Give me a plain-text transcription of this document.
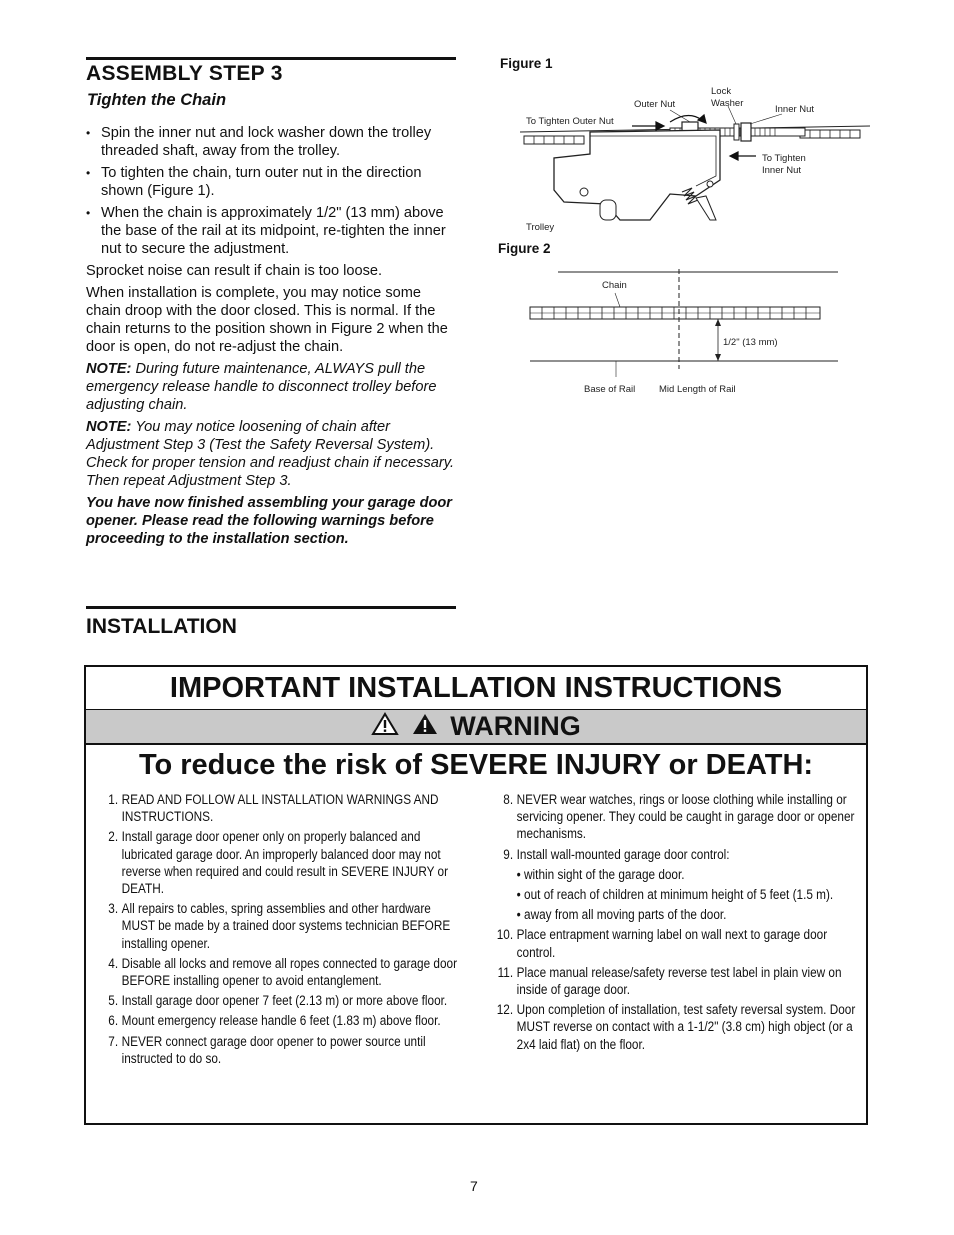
ASSEMBLY STEP 3
Tighten the Chain
• Spin the inner nut and lock washer down the trolley threaded shaft, away from the trolley.
• To tighten the chain, turn outer nut in the direction shown (Figure 1).
• When the chain is approximately 1/2" (13 mm) above the base of the rail at its midpoint, re-tighten the inner nut to secure the adjustment.

Sprocket noise can result if chain is too loose.

When installation is complete, you may notice some chain droop with the door closed. This is normal. If the chain returns to the position shown in Figure 2 when the door is open, do not re-adjust the chain.

NOTE: During future maintenance, ALWAYS pull the emergency release handle to disconnect trolley before adjusting chain.

NOTE: You may notice loosening of chain after Adjustment Step 3 (Test the Safety Reversal System). Check for proper tension and readjust chain if necessary. Then repeat Adjustment Step 3.

You have now finished assembling your garage door opener. Please read the following warnings before proceeding to the installation section.

Figure 1
Outer Nut
Lock
Washer
Inner Nut
To Tighten Outer Nut
To Tighten
Inner Nut
Trolley
Figure 2
Chain
1/2" (13 mm)
Base of Rail	Mid Length of Rail
INSTALLATION
IMPORTANT INSTALLATION INSTRUCTIONS
WARNING
To reduce the risk of SEVERE INJURY or DEATH:
1. READ AND FOLLOW ALL INSTALLATION WARNINGS AND INSTRUCTIONS.
2. Install garage door opener only on properly balanced and lubricated garage door. An improperly balanced door may not reverse when required and could result in SEVERE INJURY or DEATH.
3. All repairs to cables, spring assemblies and other hardware MUST be made by a trained door systems technician BEFORE installing opener.
4. Disable all locks and remove all ropes connected to garage door BEFORE installing opener to avoid entanglement.
5. Install garage door opener 7 feet (2.13 m) or more above floor.
6. Mount emergency release handle 6 feet (1.83 m) above floor.
7. NEVER connect garage door opener to power source until instructed to do so.
8. NEVER wear watches, rings or loose clothing while installing or servicing opener. They could be caught in garage door or opener mechanisms.
9. Install wall-mounted garage door control:
• within sight of the garage door.
• out of reach of children at minimum height of 5 feet (1.5 m).
• away from all moving parts of the door.
10. Place entrapment warning label on wall next to garage door control.
11. Place manual release/safety reverse test label in plain view on inside of garage door.
12. Upon completion of installation, test safety reversal system. Door MUST reverse on contact with a 1-1/2" (3.8 cm) high object (or a 2x4 laid flat) on the floor.
7
